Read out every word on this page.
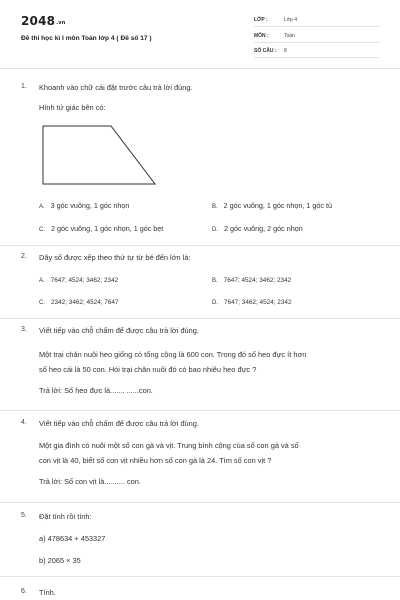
$2048^{.vn}$
Đề thi học kì I môn Toán lớp 4 ( Đề số 17 )
LỚP :	Lớp 4
MÔN :	Toán
SỐ CÂU : 8
1. Khoanh vào chữ cái đặt trước câu trả lời đúng.
Hình tứ giác bên có:
A. 3 góc vuông, 1 góc nhọn	B. 2 góc vuông, 1 góc nhọn, 1 góc tù
C. 2 góc vuông, 1 góc nhọn, 1 góc bẹt	D. 2 góc vuông, 2 góc nhọn
2. Dãy số được xếp theo thứ tự từ bé đến lớn là:
A. 7647; 4524; 3462; 2342	B. 7647; 4524; 3462; 2342
C. 2342; 3462; 4524; 7647	D. 7647; 3462; 4524; 2342
3. Viết tiếp vào chỗ chấm để được câu trả lời đúng.
Một trại chăn nuôi heo giống có tổng cộng là 600 con. Trong đó số heo đực ít hơn
số heo cái là 50 con. Hỏi trại chăn nuôi đó có bao nhiêu heo đực ?
Trả lời: Số heo đực là....... ......con.
4. Viết tiếp vào chỗ chấm để được câu trả lời đúng.
Một gia đình có nuôi một số con gà và vịt. Trung bình cộng của số con gà và số
con vịt là 40, biết số con vịt nhiều hơn số con gà là 24. Tìm số con vịt ?
Trả lời: Số con vịt là.......... con.
5. Đặt tính rồi tính:
a) 478634 + 453327
b) 2065 × 35
6. Tính.
